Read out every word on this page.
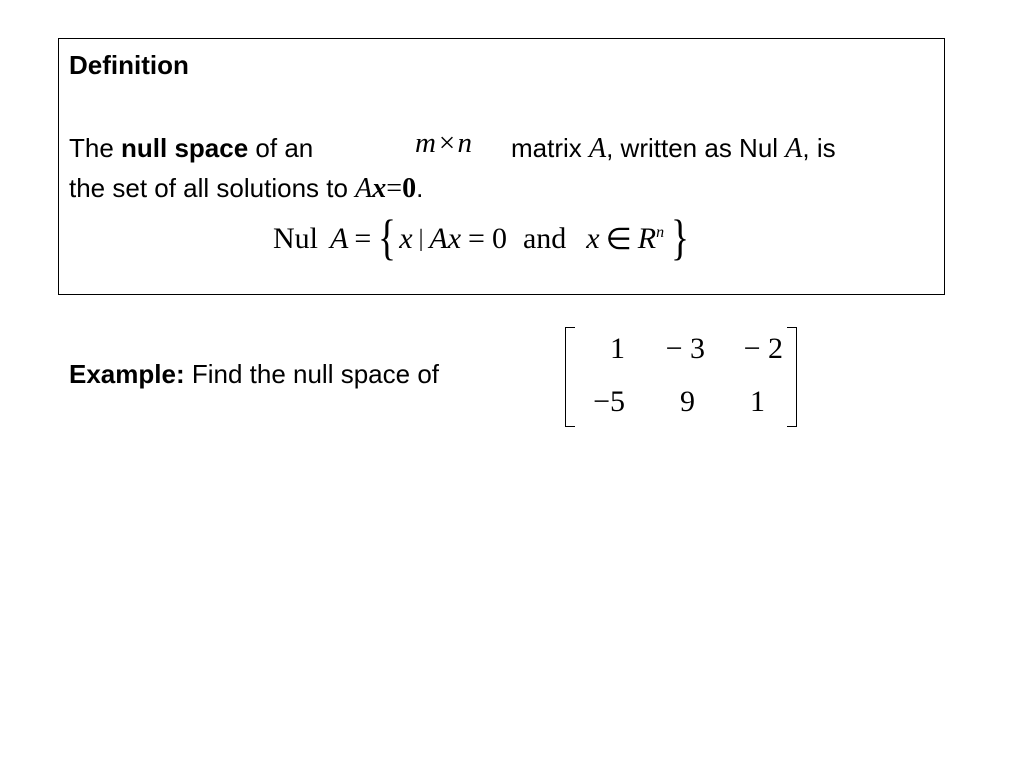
Definition
The null space of an	m×n matrix A, written as Nul A, is
the set of all solutions to Ax=0.
Nul A = { x | Ax = 0 and x ∈ $R^n$ }
Example: Find the null space of
1	− 3	− 2
−5	9	1
